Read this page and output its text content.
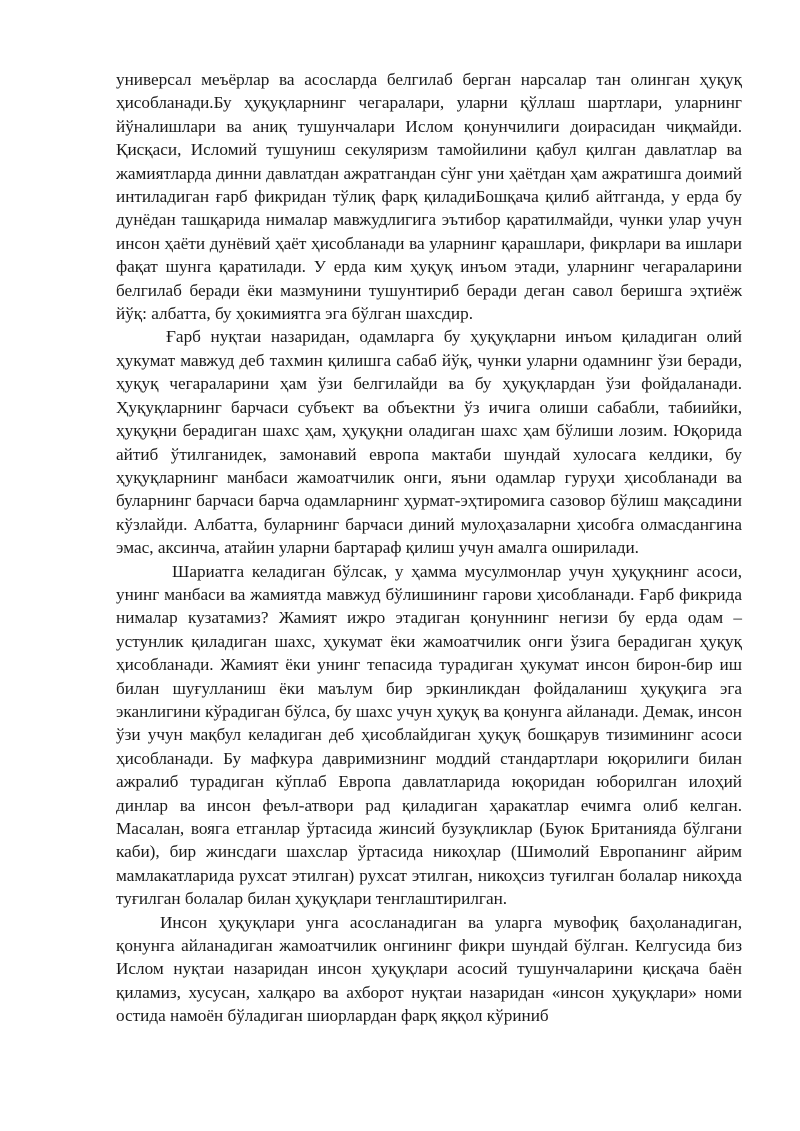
универсал меъёрлар ва асосларда белгилаб берган нарсалар тан олинган ҳуқуқ ҳисобланади.Бу ҳуқуқларнинг чегаралари, уларни қўллаш шартлари, уларнинг йўналишлари ва аниқ тушунчалари Ислом қонунчилиги доирасидан чиқмайди. Қисқаси, Исломий тушуниш секуляризм тамойилини қабул қилган давлатлар ва жамиятларда динни давлатдан ажратгандан сўнг уни ҳаётдан ҳам ажратишга доимий интиладиган ғарб фикридан тўлиқ фарқ қиладиБошқача қилиб айтганда, у ерда бу дунёдан ташқарида нималар мавжудлигига эътибор қаратилмайди, чунки улар учун инсон ҳаёти дунёвий ҳаёт ҳисобланади ва уларнинг қарашлари, фикрлари ва ишлари фақат шунга қаратилади. У ерда ким ҳуқуқ инъом этади, уларнинг чегараларини белгилаб беради ёки мазмунини тушунтириб беради деган савол беришга эҳтиёж йўқ: албатта, бу ҳокимиятга эга бўлган шахсдир.

Ғарб нуқтаи назаридан, одамларга бу ҳуқуқларни инъом қиладиган олий ҳукумат мавжуд деб тахмин қилишга сабаб йўқ, чунки уларни одамнинг ўзи беради, ҳуқуқ чегараларини ҳам ўзи белгилайди ва бу ҳуқуқлардан ўзи фойдаланади. Ҳуқуқларнинг барчаси субъект ва объектни ўз ичига олиши сабабли, табиийки, ҳуқуқни берадиган шахс ҳам, ҳуқуқни оладиган шахс ҳам бўлиши лозим. Юқорида айтиб ўтилганидек, замонавий европа мактаби шундай хулосага келдики, бу ҳуқуқларнинг манбаси жамоатчилик онги, яъни одамлар гуруҳи ҳисобланади ва буларнинг барчаси барча одамларнинг ҳурмат-эҳтиромига сазовор бўлиш мақсадини кўзлайди. Албатта, буларнинг барчаси диний мулоҳазаларни ҳисобга олмасдангина эмас, аксинча, атайин уларни бартараф қилиш учун амалга оширилади.

Шариатга келадиган бўлсак, у ҳамма мусулмонлар учун ҳуқуқнинг асоси, унинг манбаси ва жамиятда мавжуд бўлишининг гарови ҳисобланади. Ғарб фикрида нималар кузатамиз? Жамият ижро этадиган қонуннинг негизи бу ерда одам – устунлик қиладиган шахс, ҳукумат ёки жамоатчилик онги ўзига берадиган ҳуқуқ ҳисобланади. Жамият ёки унинг тепасида турадиган ҳукумат инсон бирон-бир иш билан шуғулланиш ёки маълум бир эркинликдан фойдаланиш ҳуқуқига эга эканлигини кўрадиган бўлса, бу шахс учун ҳуқуқ ва қонунга айланади. Демак, инсон ўзи учун мақбул келадиган деб ҳисоблайдиган ҳуқуқ бошқарув тизимининг асоси ҳисобланади. Бу мафкура давримизнинг моддий стандартлари юқорилиги билан ажралиб турадиган кўплаб Европа давлатларида юқоридан юборилган илоҳий динлар ва инсон феъл-атвори рад қиладиган ҳаракатлар ечимга олиб келган. Масалан, вояга етганлар ўртасида жинсий бузуқликлар (Буюк Британияда бўлгани каби), бир жинсдаги шахслар ўртасида никоҳлар (Шимолий Европанинг айрим мамлакатларида рухсат этилган) рухсат этилган, никоҳсиз туғилган болалар никоҳда туғилган болалар билан ҳуқуқлари тенглаштирилган.

Инсон ҳуқуқлари унга асосланадиган ва уларга мувофиқ баҳоланадиган, қонунга айланадиган жамоатчилик онгининг фикри шундай бўлган. Келгусида биз Ислом нуқтаи назаридан инсон ҳуқуқлари асосий тушунчаларини қисқача баён қиламиз, хусусан, халқаро ва ахборот нуқтаи назаридан «инсон ҳуқуқлари» номи остида намоён бўладиган шиорлардан фарқ яққол кўриниб
